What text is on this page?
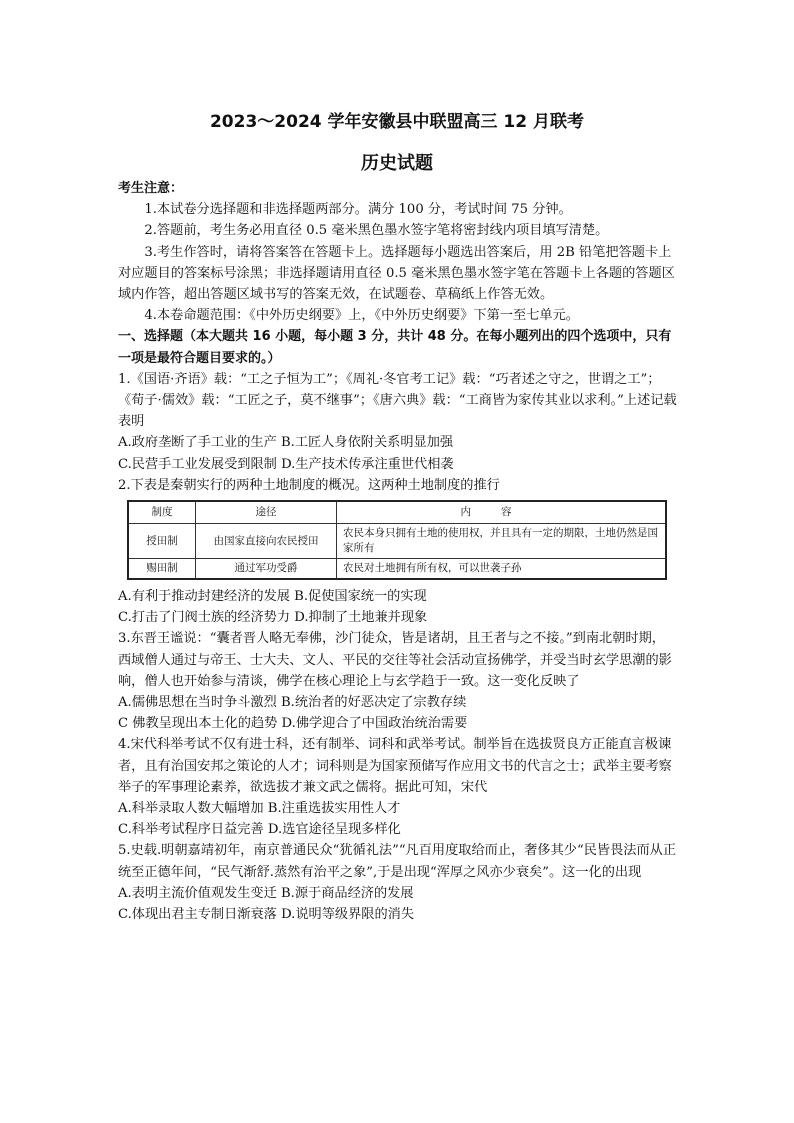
2023～2024 学年安徽县中联盟高三 12 月联考
历史试题

考生注意：

1.本试卷分选择题和非选择题两部分。满分 100 分，考试时间 75 分钟。

2.答题前，考生务必用直径 0.5 毫米黑色墨水签字笔将密封线内项目填写清楚。

3.考生作答时，请将答案答在答题卡上。选择题每小题选出答案后，用 2B 铅笔把答题卡上对应题目的答案标号涂黑；非选择题请用直径 0.5 毫米黑色墨水签字笔在答题卡上各题的答题区域内作答，超出答题区域书写的答案无效，在试题卷、草稿纸上作答无效。

4.本卷命题范围：《中外历史纲要》上，《中外历史纲要》下第一至七单元。

一、选择题（本大题共 16 小题，每小题 3 分，共计 48 分。在每小题列出的四个选项中，只有一项是最符合题目要求的。）

1.《国语·齐语》载：“工之子恒为工”；《周礼·冬官考工记》载：“巧者述之守之，世谓之工”；《荀子·儒效》载：“工匠之子，莫不继事”；《唐六典》载：“工商皆为家传其业以求利。”上述记载表明

A.政府垄断了手工业的生产 B.工匠人身依附关系明显加强

C.民营手工业发展受到限制 D.生产技术传承注重世代相袭

2.下表是秦朝实行的两种土地制度的概况。这两种土地制度的推行

制度	途径	内容
授田制	由国家直接向农民授田	农民本身只拥有土地的使用权，并且具有一定的期限，土地仍然是国家所有
赐田制	通过军功受爵	农民对土地拥有所有权，可以世袭子孙

A.有利于推动封建经济的发展 B.促使国家统一的实现

C.打击了门阀士族的经济势力 D.抑制了土地兼并现象

3.东晋王谧说：“囊者晋人略无奉佛，沙门徒众，皆是诸胡，且王者与之不接。”到南北朝时期，西域僧人通过与帝王、士大夫、文人、平民的交往等社会活动宣扬佛学，并受当时玄学思潮的影响，僧人也开始参与清谈，佛学在核心理论上与玄学趋于一致。这一变化反映了

A.儒佛思想在当时争斗激烈 B.统治者的好恶决定了宗教存续

C 佛教呈现出本土化的趋势 D.佛学迎合了中国政治统治需要

4.宋代科举考试不仅有进士科，还有制举、词科和武举考试。制举旨在选拔贤良方正能直言极谏者，且有治国安邦之策论的人才；词科则是为国家预储写作应用文书的代言之士；武举主要考察举子的军事理论素养，欲选拔才兼文武之儒将。据此可知，宋代

A.科举录取人数大幅增加 B.注重选拔实用性人才

C.科举考试程序日益完善 D.选官途径呈现多样化

5.史载.明朝嘉靖初年，南京普通民众“犹循礼法”“凡百用度取给而止，奢侈其少“民皆畏法而从正统至正德年间，“民气渐舒.蒸然有治平之象”,于是出现“浑厚之风亦少衰矣”。这一化的出现

A.表明主流价值观发生变迁 B.源于商品经济的发展

C.体现出君主专制日渐衰落 D.说明等级界限的消失
